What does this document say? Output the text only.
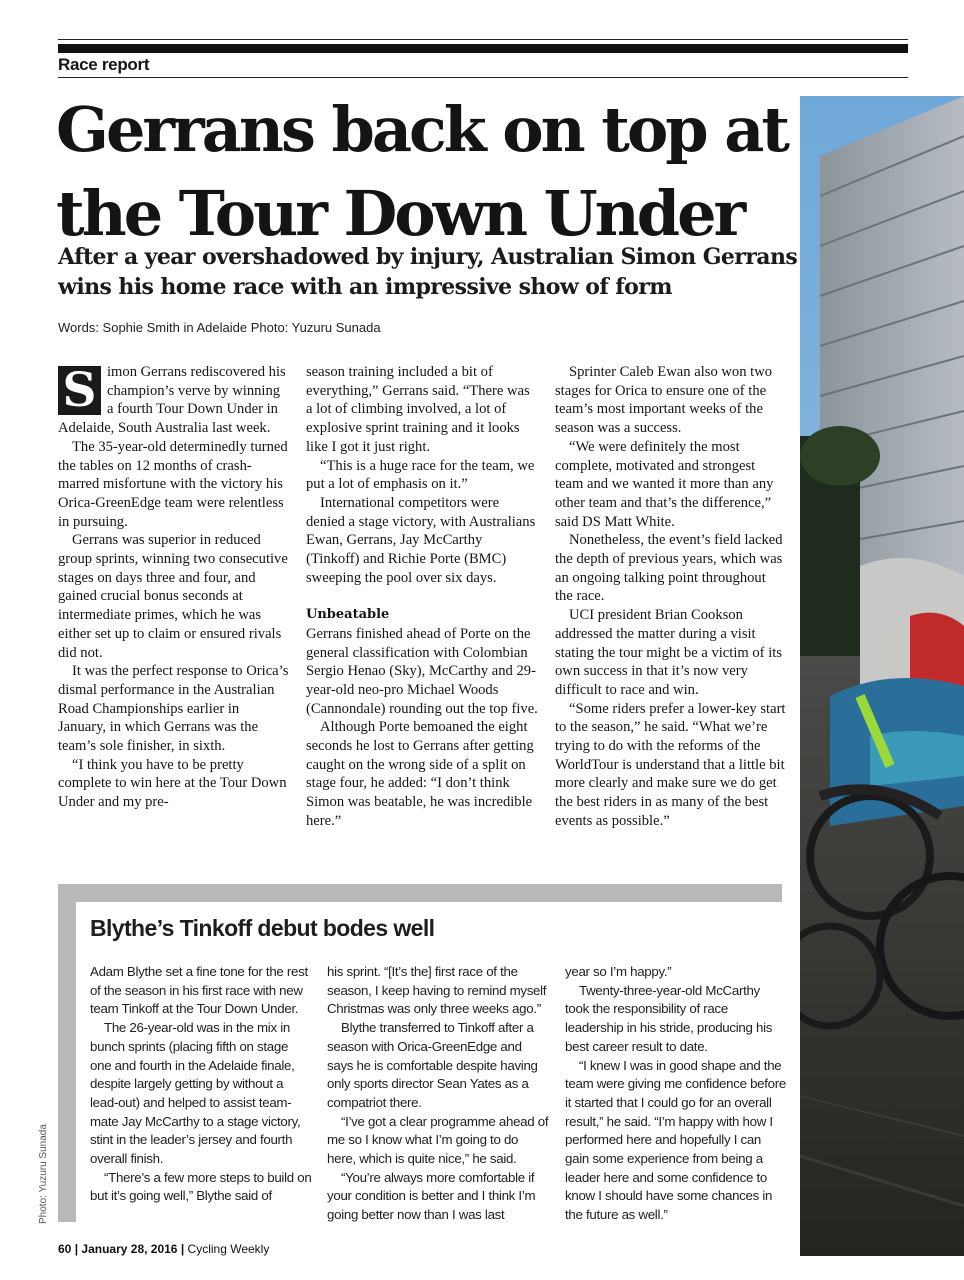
Race report
Gerrans back on top at the Tour Down Under
After a year overshadowed by injury, Australian Simon Gerrans wins his home race with an impressive show of form
Words: Sophie Smith in Adelaide Photo: Yuzuru Sunada
S imon Gerrans rediscovered his champion’s verve by winning a fourth Tour Down Under in Adelaide, South Australia last week.

The 35-year-old determinedly turned the tables on 12 months of crash-marred misfortune with the victory his Orica-GreenEdge team were relentless in pursuing.

Gerrans was superior in reduced group sprints, winning two consecutive stages on days three and four, and gained crucial bonus seconds at intermediate primes, which he was either set up to claim or ensured rivals did not.

It was the perfect response to Orica’s dismal performance in the Australian Road Championships earlier in January, in which Gerrans was the team’s sole finisher, in sixth.

“I think you have to be pretty complete to win here at the Tour Down Under and my pre-

season training included a bit of everything,” Gerrans said. “There was a lot of climbing involved, a lot of explosive sprint training and it looks like I got it just right.

“This is a huge race for the team, we put a lot of emphasis on it.”

International competitors were denied a stage victory, with Australians Ewan, Gerrans, Jay McCarthy (Tinkoff) and Richie Porte (BMC) sweeping the pool over six days.

Unbeatable

Gerrans finished ahead of Porte on the general classification with Colombian Sergio Henao (Sky), McCarthy and 29-year-old neo-pro Michael Woods (Cannondale) rounding out the top five.

Although Porte bemoaned the eight seconds he lost to Gerrans after getting caught on the wrong side of a split on stage four, he added: “I don’t think Simon was beatable, he was incredible here.”

Sprinter Caleb Ewan also won two stages for Orica to ensure one of the team’s most important weeks of the season was a success.

“We were definitely the most complete, motivated and strongest team and we wanted it more than any other team and that’s the difference,” said DS Matt White.

Nonetheless, the event’s field lacked the depth of previous years, which was an ongoing talking point throughout the race.

UCI president Brian Cookson addressed the matter during a visit stating the tour might be a victim of its own success in that it’s now very difficult to race and win.

“Some riders prefer a lower-key start to the season,” he said. “What we’re trying to do with the reforms of the WorldTour is understand that a little bit more clearly and make sure we do get the best riders in as many of the best events as possible.”

Blythe’s Tinkoff debut bodes well

Adam Blythe set a fine tone for the rest of the season in his first race with new team Tinkoff at the Tour Down Under.

The 26-year-old was in the mix in bunch sprints (placing fifth on stage one and fourth in the Adelaide finale, despite largely getting by without a lead-out) and helped to assist team-mate Jay McCarthy to a stage victory, stint in the leader’s jersey and fourth overall finish.

“There’s a few more steps to build on but it’s going well,” Blythe said of

his sprint. “[It’s the] first race of the season, I keep having to remind myself Christmas was only three weeks ago.”

Blythe transferred to Tinkoff after a season with Orica-GreenEdge and says he is comfortable despite having only sports director Sean Yates as a compatriot there.

“I’ve got a clear programme ahead of me so I know what I’m going to do here, which is quite nice,” he said.

“You’re always more comfortable if your condition is better and I think I’m going better now than I was last

year so I’m happy.”

Twenty-three-year-old McCarthy took the responsibility of race leadership in his stride, producing his best career result to date.

“I knew I was in good shape and the team were giving me confidence before it started that I could go for an overall result,” he said. “I’m happy with how I performed here and hopefully I can gain some experience from being a leader here and some confidence to know I should have some chances in the future as well.”

Photo: Yuzuru Sunada
60 | January 28, 2016 | Cycling Weekly
